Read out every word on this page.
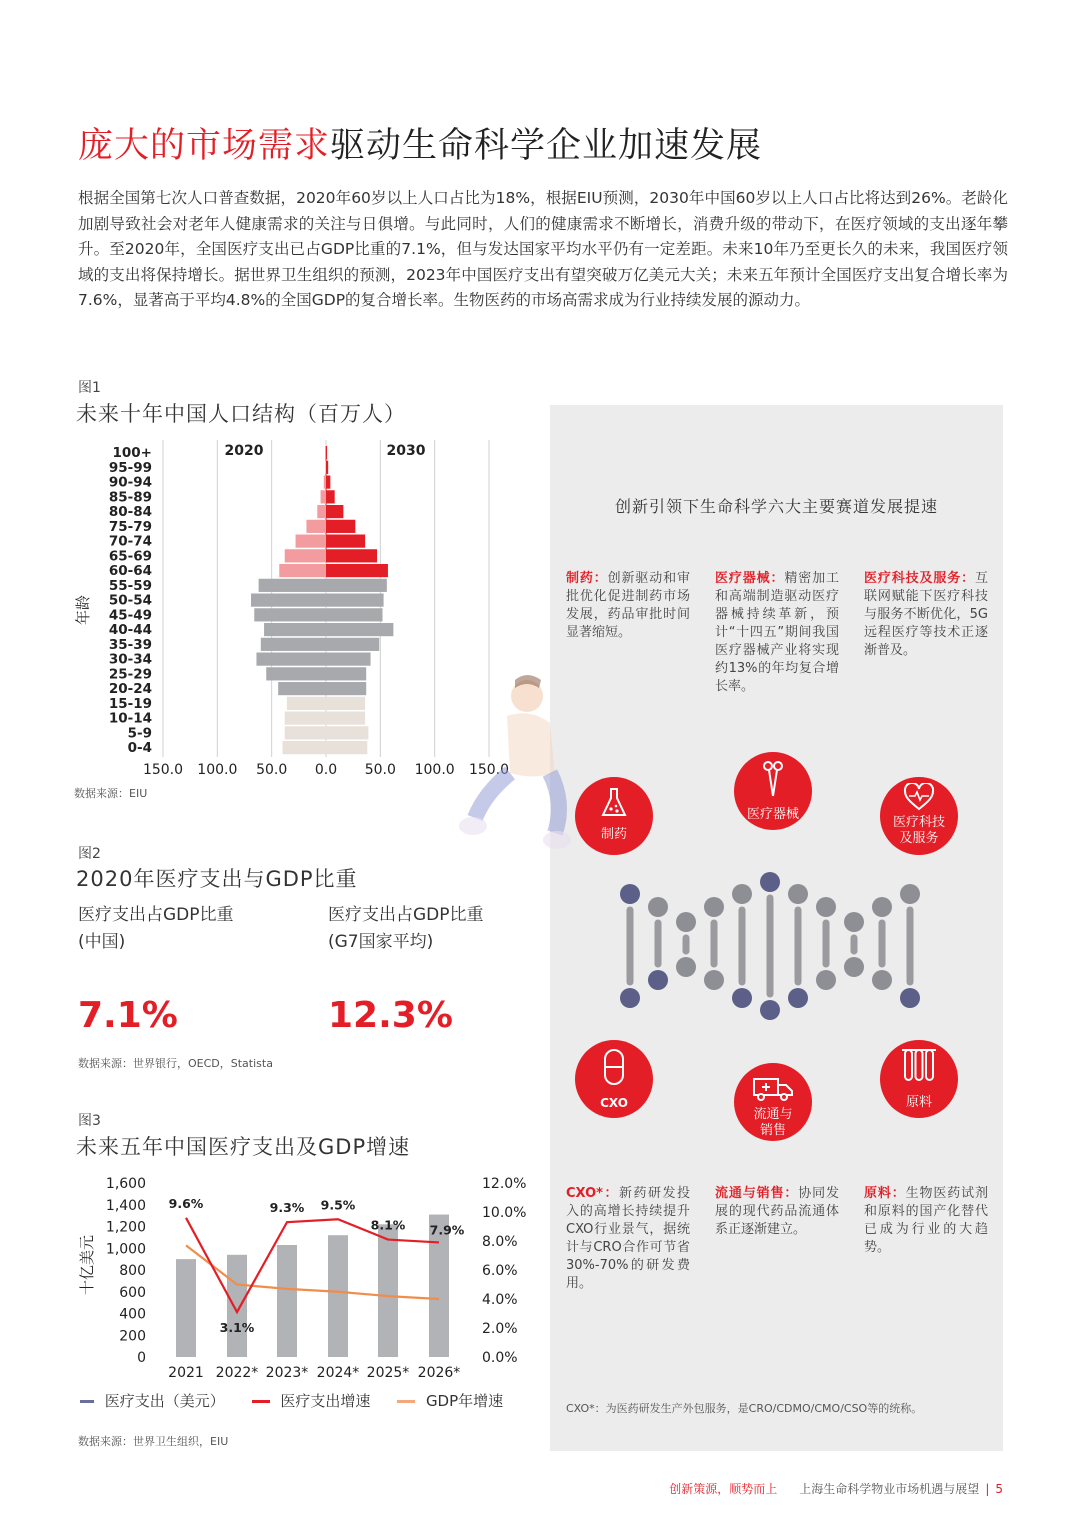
庞大的市场需求驱动生命科学企业加速发展
根据全国第七次人口普查数据，2020年60岁以上人口占比为18%，根据EIU预测，2030年中国60岁以上人口占比将达到26%。老龄化加剧导致社会对老年人健康需求的关注与日俱增。与此同时，人们的健康需求不断增长，消费升级的带动下，在医疗领域的支出逐年攀升。至2020年，全国医疗支出已占GDP比重的7.1%，但与发达国家平均水平仍有一定差距。未来10年乃至更长久的未来，我国医疗领域的支出将保持增长。据世界卫生组织的预测，2023年中国医疗支出有望突破万亿美元大关；未来五年预计全国医疗支出复合增长率为7.6%，显著高于平均4.8%的全国GDP的复合增长率。生物医药的市场高需求成为行业持续发展的源动力。
图1
未来十年中国人口结构（百万人）
150.0 100.0 50.0 0.0 50.0 100.0 150.0
100+
95-99
90-94
85-89
80-84
75-79
70-74
65-69
60-64
55-59
50-54
45-49
40-44
35-39
30-34
25-29
20-24
15-19
10-14
5-9
0-4
2020	2030
年龄
数据来源：EIU
图2
2020年医疗支出与GDP比重
医疗支出占GDP比重
(中国)
医疗支出占GDP比重
(G7国家平均)
7.1%	12.3%
数据来源：世界银行，OECD，Statista
图3
未来五年中国医疗支出及GDP增速
0
200
400
600
800
1,000
1,200
1,400
1,600
0.0%
2.0%
4.0%
6.0%
8.0%
10.0%
12.0%
2021 2022* 2023* 2024* 2025* 2026*
9.6%
3.1%
9.3% 9.5%
8.1% 7.9%
十亿美元
医疗支出（美元）	医疗支出增速	GDP年增速
数据来源：世界卫生组织，EIU
创新引领下生命科学六大主要赛道发展提速
制药：创新驱动和审批优化促进制药市场发展，药品审批时间显著缩短。
医疗器械：精密加工和高端制造驱动医疗器械持续革新，预计“十四五”期间我国医疗器械产业将实现约13%的年均复合增长率。
医疗科技及服务：互联网赋能下医疗科技与服务不断优化，5G远程医疗等技术正逐渐普及。
制药
医疗器械
医疗科技
及服务
CXO
流通与
销售
原料
CXO*：新药研发投入的高增长持续提升CXO行业景气，据统计与CRO合作可节省30%-70%的研发费用。
流通与销售：协同发展的现代药品流通体系正逐渐建立。
原料：生物医药试剂和原料的国产化替代已成为行业的大趋势。
CXO*：为医药研发生产外包服务，是CRO/CDMO/CMO/CSO等的统称。
创新策源，顺势而上 上海生命科学物业市场机遇与展望 | 5
